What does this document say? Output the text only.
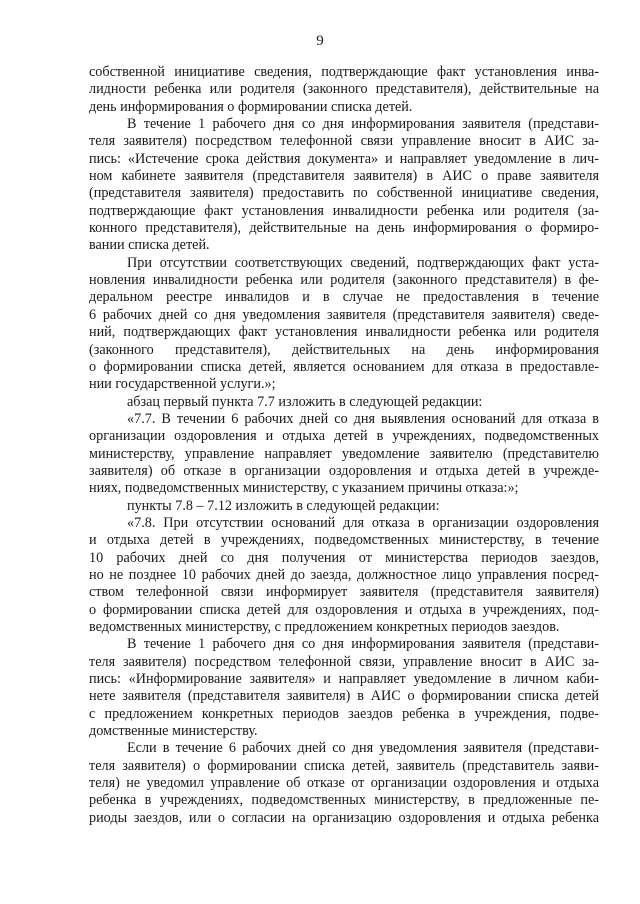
9
собственной инициативе сведения, подтверждающие факт установления инва-
лидности ребенка или родителя (законного представителя), действительные на
день информирования о формировании списка детей.
В течение 1 рабочего дня со дня информирования заявителя (представи-
теля заявителя) посредством телефонной связи управление вносит в АИС за-
пись: «Истечение срока действия документа» и направляет уведомление в лич-
ном кабинете заявителя (представителя заявителя) в АИС о праве заявителя
(представителя заявителя) предоставить по собственной инициативе сведения,
подтверждающие факт установления инвалидности ребенка или родителя (за-
конного представителя), действительные на день информирования о формиро-
вании списка детей.
При отсутствии соответствующих сведений, подтверждающих факт уста-
новления инвалидности ребенка или родителя (законного представителя) в фе-
деральном реестре инвалидов и в случае не предоставления в течение
6 рабочих дней со дня уведомления заявителя (представителя заявителя) сведе-
ний, подтверждающих факт установления инвалидности ребенка или родителя
(законного представителя), действительных на день информирования
о формировании списка детей, является основанием для отказа в предоставле-
нии государственной услуги.»;
абзац первый пункта 7.7 изложить в следующей редакции:
«7.7. В течении 6 рабочих дней со дня выявления оснований для отказа в
организации оздоровления и отдыха детей в учреждениях, подведомственных
министерству, управление направляет уведомление заявителю (представителю
заявителя) об отказе в организации оздоровления и отдыха детей в учрежде-
ниях, подведомственных министерству, с указанием причины отказа:»;
пункты 7.8 – 7.12 изложить в следующей редакции:
«7.8. При отсутствии оснований для отказа в организации оздоровления
и отдыха детей в учреждениях, подведомственных министерству, в течение
10 рабочих дней со дня получения от министерства периодов заездов,
но не позднее 10 рабочих дней до заезда, должностное лицо управления посред-
ством телефонной связи информирует заявителя (представителя заявителя)
о формировании списка детей для оздоровления и отдыха в учреждениях, под-
ведомственных министерству, с предложением конкретных периодов заездов.
В течение 1 рабочего дня со дня информирования заявителя (представи-
теля заявителя) посредством телефонной связи, управление вносит в АИС за-
пись: «Информирование заявителя» и направляет уведомление в личном каби-
нете заявителя (представителя заявителя) в АИС о формировании списка детей
с предложением конкретных периодов заездов ребенка в учреждения, подве-
домственные министерству.
Если в течение 6 рабочих дней со дня уведомления заявителя (представи-
теля заявителя) о формировании списка детей, заявитель (представитель заяви-
теля) не уведомил управление об отказе от организации оздоровления и отдыха
ребенка в учреждениях, подведомственных министерству, в предложенные пе-
риоды заездов, или о согласии на организацию оздоровления и отдыха ребенка
